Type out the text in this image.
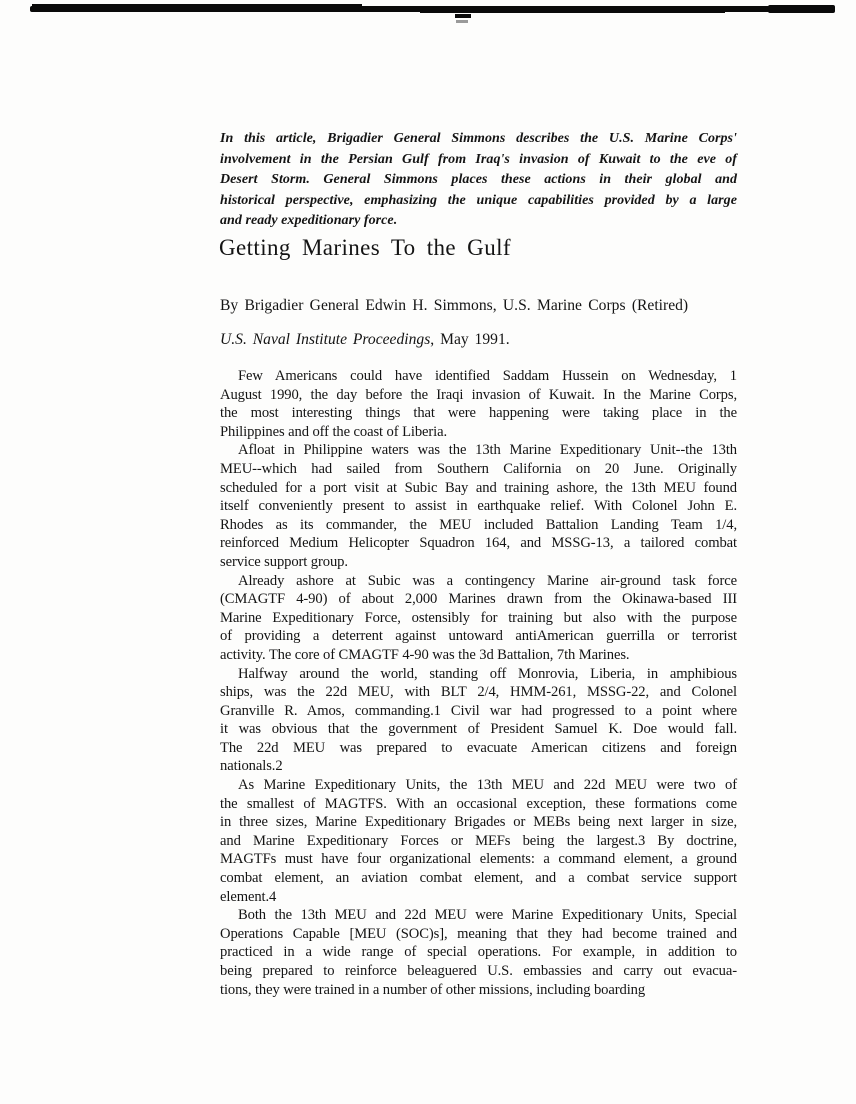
In this article, Brigadier General Simmons describes the U.S. Marine Corps'
involvement in the Persian Gulf from Iraq's invasion of Kuwait to the eve of
Desert Storm. General Simmons places these actions in their global and
historical perspective, emphasizing the unique capabilities provided by a large
and ready expeditionary force.
Getting Marines To the Gulf
By Brigadier General Edwin H. Simmons, U.S. Marine Corps (Retired)
U.S. Naval Institute Proceedings, May 1991.
Few Americans could have identified Saddam Hussein on Wednesday, 1
August 1990, the day before the Iraqi invasion of Kuwait. In the Marine Corps,
the most interesting things that were happening were taking place in the
Philippines and off the coast of Liberia.
Afloat in Philippine waters was the 13th Marine Expeditionary Unit--the 13th
MEU--which had sailed from Southern California on 20 June. Originally
scheduled for a port visit at Subic Bay and training ashore, the 13th MEU found
itself conveniently present to assist in earthquake relief. With Colonel John E.
Rhodes as its commander, the MEU included Battalion Landing Team 1/4,
reinforced Medium Helicopter Squadron 164, and MSSG-13, a tailored combat
service support group.
Already ashore at Subic was a contingency Marine air-ground task force
(CMAGTF 4-90) of about 2,000 Marines drawn from the Okinawa-based III
Marine Expeditionary Force, ostensibly for training but also with the purpose
of providing a deterrent against untoward antiAmerican guerrilla or terrorist
activity. The core of CMAGTF 4-90 was the 3d Battalion, 7th Marines.
Halfway around the world, standing off Monrovia, Liberia, in amphibious
ships, was the 22d MEU, with BLT 2/4, HMM-261, MSSG-22, and Colonel
Granville R. Amos, commanding.1 Civil war had progressed to a point where
it was obvious that the government of President Samuel K. Doe would fall.
The 22d MEU was prepared to evacuate American citizens and foreign
nationals.2
As Marine Expeditionary Units, the 13th MEU and 22d MEU were two of
the smallest of MAGTFS. With an occasional exception, these formations come
in three sizes, Marine Expeditionary Brigades or MEBs being next larger in size,
and Marine Expeditionary Forces or MEFs being the largest.3 By doctrine,
MAGTFs must have four organizational elements: a command element, a ground
combat element, an aviation combat element, and a combat service support
element.4
Both the 13th MEU and 22d MEU were Marine Expeditionary Units, Special
Operations Capable [MEU (SOC)s], meaning that they had become trained and
practiced in a wide range of special operations. For example, in addition to
being prepared to reinforce beleaguered U.S. embassies and carry out evacua-
tions, they were trained in a number of other missions, including boarding
